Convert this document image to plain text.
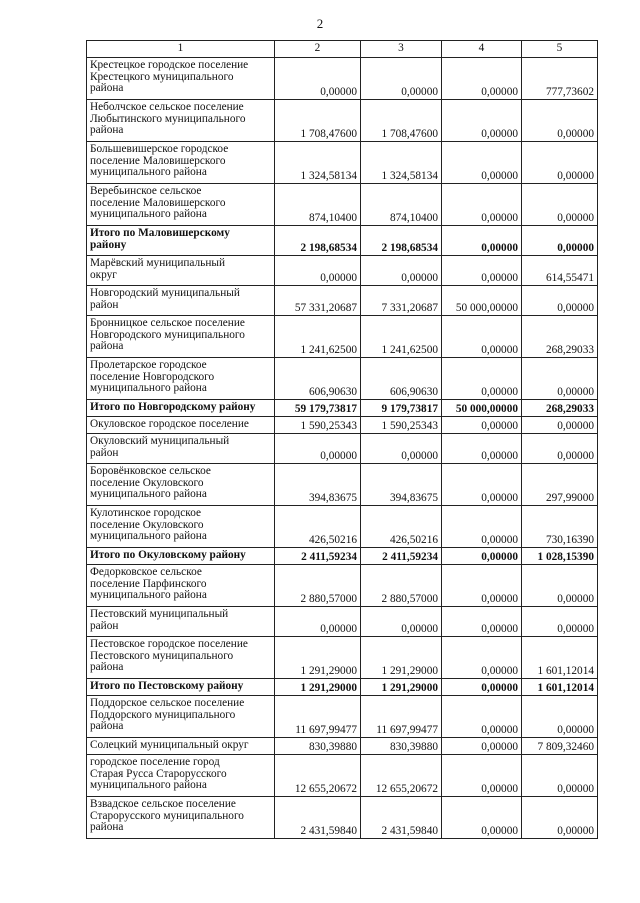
2
1	2	3	4	5
Крестецкое городское поселение
Крестецкого муниципального
района	0,00000	0,00000	0,00000	777,73602
Неболчское сельское поселение
Любытинского муниципального
района	1 708,47600	1 708,47600	0,00000	0,00000
Большевишерское городское
поселение Маловишерского
муниципального района	1 324,58134	1 324,58134	0,00000	0,00000
Веребьинское сельское
поселение Маловишерского
муниципального района	874,10400	874,10400	0,00000	0,00000
Итого по Маловишерскому
району	2 198,68534	2 198,68534	0,00000	0,00000
Марёвский муниципальный
округ	0,00000	0,00000	0,00000	614,55471
Новгородский муниципальный
район	57 331,20687	7 331,20687	50 000,00000	0,00000
Бронницкое сельское поселение
Новгородского муниципального
района	1 241,62500	1 241,62500	0,00000	268,29033
Пролетарское городское
поселение Новгородского
муниципального района	606,90630	606,90630	0,00000	0,00000
Итого по Новгородскому району	59 179,73817	9 179,73817	50 000,00000	268,29033
Окуловское городское поселение	1 590,25343	1 590,25343	0,00000	0,00000
Окуловский муниципальный
район	0,00000	0,00000	0,00000	0,00000
Боровёнковское сельское
поселение Окуловского
муниципального района	394,83675	394,83675	0,00000	297,99000
Кулотинское городское
поселение Окуловского
муниципального района	426,50216	426,50216	0,00000	730,16390
Итого по Окуловскому району	2 411,59234	2 411,59234	0,00000	1 028,15390
Федорковское сельское
поселение Парфинского
муниципального района	2 880,57000	2 880,57000	0,00000	0,00000
Пестовский муниципальный
район	0,00000	0,00000	0,00000	0,00000
Пестовское городское поселение
Пестовского муниципального
района	1 291,29000	1 291,29000	0,00000	1 601,12014
Итого по Пестовскому району	1 291,29000	1 291,29000	0,00000	1 601,12014
Поддорское сельское поселение
Поддорского муниципального
района	11 697,99477	11 697,99477	0,00000	0,00000
Солецкий муниципальный округ	830,39880	830,39880	0,00000	7 809,32460
городское поселение город
Старая Русса Старорусского
муниципального района	12 655,20672	12 655,20672	0,00000	0,00000
Взвадское сельское поселение
Старорусского муниципального
района	2 431,59840	2 431,59840	0,00000	0,00000
